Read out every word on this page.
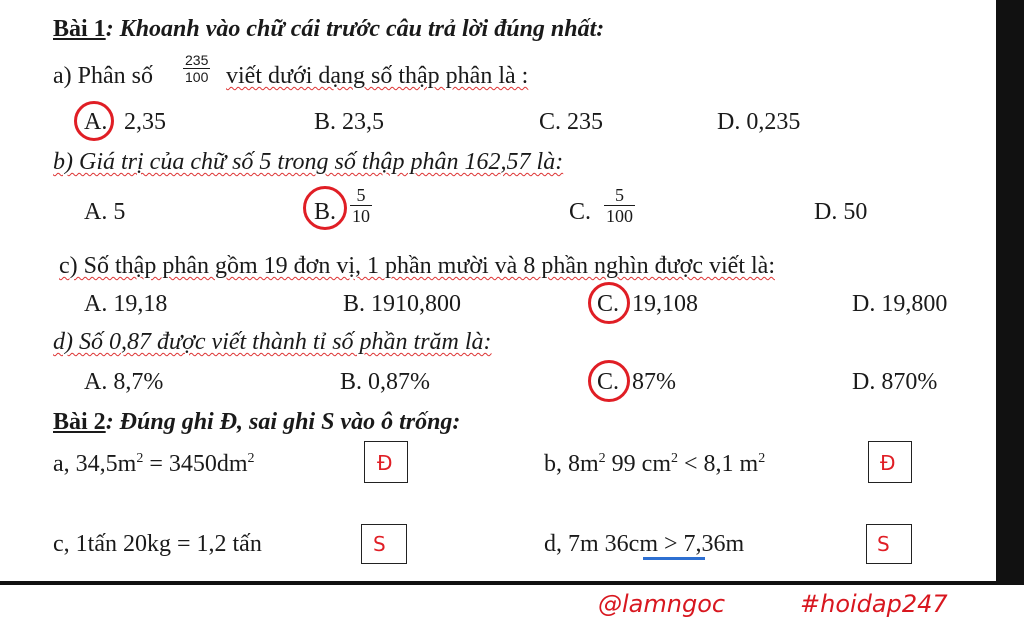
Bài 1: Khoanh vào chữ cái trước câu trả lời đúng nhất:
a) Phân số
235
100 viết dưới dạng số thập phân là :
A. 2,35	B. 23,5	C. 235	D. 0,235
b) Giá trị của chữ số 5 trong số thập phân 162,57 là:
A. 5	B.
5
10	C.
5
100	D. 50
c) Số thập phân gồm 19 đơn vị, 1 phần mười và 8 phần nghìn được viết là:
A. 19,18	B. 1910,800	C. 19,108	D. 19,800
d) Số 0,87 được viết thành tỉ số phần trăm là:
A. 8,7%	B. 0,87%	C. 87%	D. 870%
Bài 2: Đúng ghi Đ, sai ghi S vào ô trống:
a, $34,5m^2 = 3450dm^2$	Đ	b, $8m^2$ 99 $cm^2 < 8,1$ $m^2$	Đ
c, 1tấn 20kg = 1,2 tấn	S	d, 7m 36cm > 7,36m	S
@lamngoc	#hoidap247
